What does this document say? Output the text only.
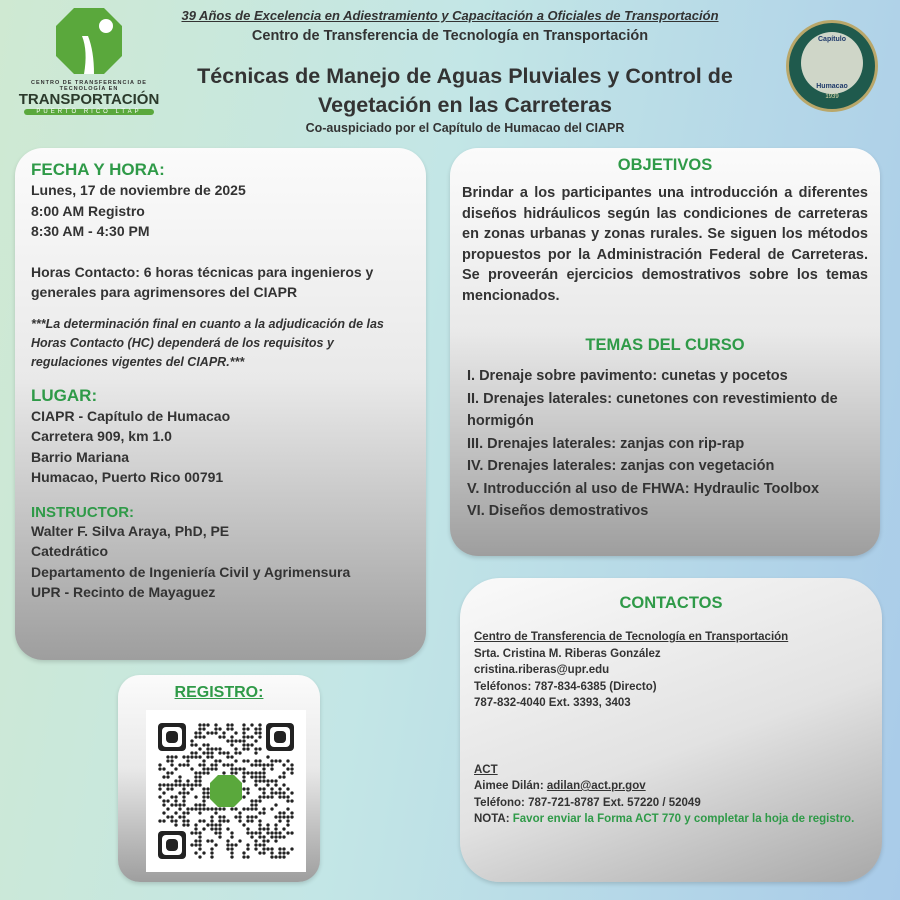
CENTRO DE TRANSFERENCIA DE
TECNOLOGÍA EN
TRANSPORTACIÓN
PUERTO RICO LTAP
39 Años de Excelencia en Adiestramiento y Capacitación a Oficiales de Transportación
Centro de Transferencia de Tecnología en Transportación
Técnicas de Manejo de Aguas Pluviales y Control de Vegetación en las Carreteras
Co-auspiciado por el Capítulo de Humacao del CIAPR
Capítulo
Humacao
1939
FECHA Y HORA:

Lunes, 17 de noviembre de 2025

8:00 AM Registro

8:30 AM - 4:30 PM

Horas Contacto: 6 horas técnicas para ingenieros y generales para agrimensores del CIAPR

***La determinación final en cuanto a la adjudicación de las Horas Contacto (HC) dependerá de los requisitos y regulaciones vigentes del CIAPR.***

LUGAR:

CIAPR - Capítulo de Humacao

Carretera 909, km 1.0

Barrio Mariana

Humacao, Puerto Rico 00791

INSTRUCTOR:

Walter F. Silva Araya, PhD, PE

Catedrático

Departamento de Ingeniería Civil y Agrimensura

UPR - Recinto de Mayaguez

REGISTRO:
OBJETIVOS

Brindar a los participantes una introducción a diferentes diseños hidráulicos según las condiciones de carreteras en zonas urbanas y zonas rurales. Se siguen los métodos propuestos por la Administración Federal de Carreteras. Se proveerán ejercicios demostrativos sobre los temas mencionados.

TEMAS DEL CURSO
I. Drenaje sobre pavimento: cunetas y pocetos
II. Drenajes laterales: cunetones con revestimiento de hormigón
III. Drenajes laterales: zanjas con rip-rap
IV. Drenajes laterales: zanjas con vegetación
V. Introducción al uso de FHWA: Hydraulic Toolbox
VI. Diseños demostrativos
CONTACTOS

Centro de Transferencia de Tecnología en Transportación

Srta. Cristina M. Riberas González

cristina.riberas@upr.edu

Teléfonos: 787-834-6385 (Directo)

787-832-4040 Ext. 3393, 3403

ACT

Aimee Dilán: adilan@act.pr.gov

Teléfono: 787-721-8787 Ext. 57220 / 52049

NOTA: Favor enviar la Forma ACT 770 y completar la hoja de registro.
